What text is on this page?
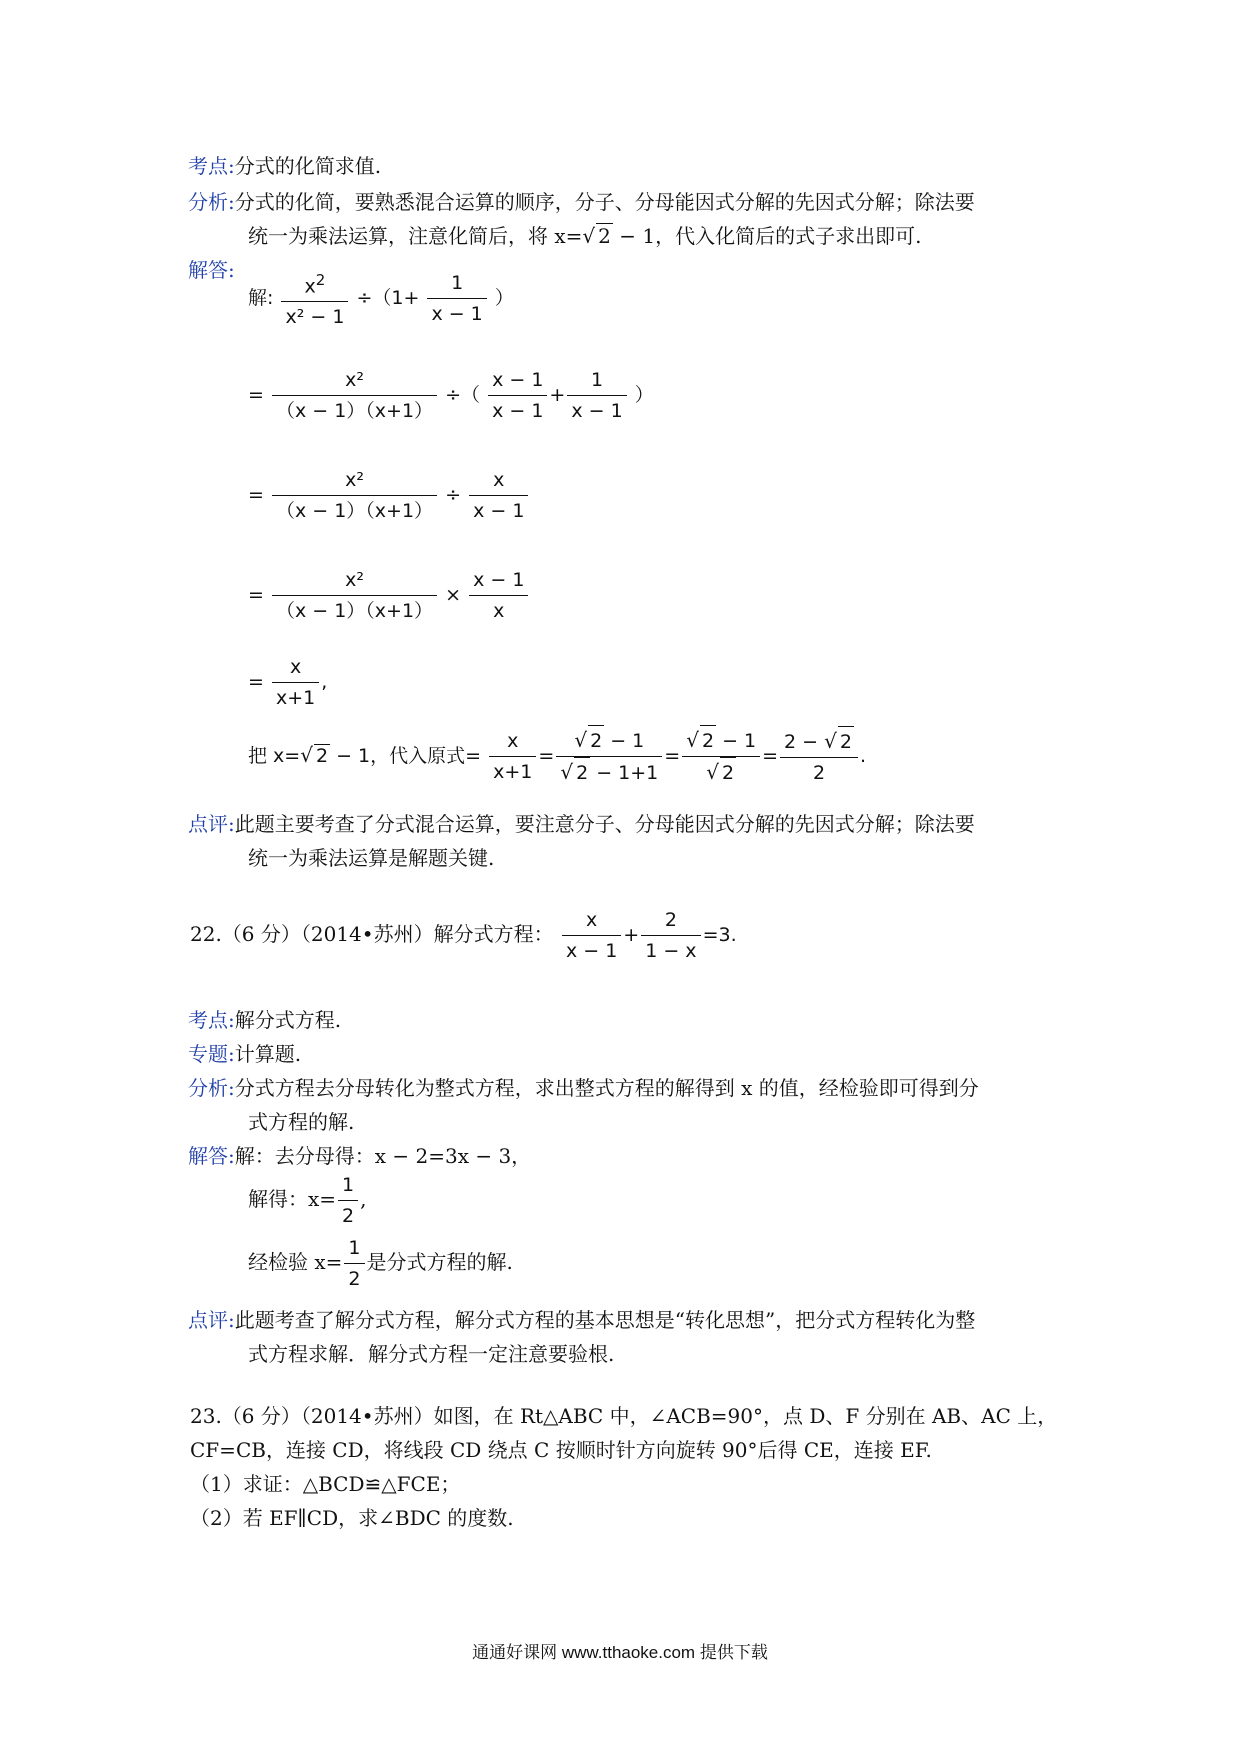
考点:分式的化简求值.
分析:分式的化简，要熟悉混合运算的顺序，分子、分母能因式分解的先因式分解；除法要
统一为乘法运算，注意化简后，将 x=√ 2 − 1，代入化简后的式子求出即可.
解答:
解: $\frac{x^2}{\text{x² − 1}} \div(1+ \frac{1}{x - 1}$ ）
= $\frac{\text{x²}}{(x - 1)(x+1)}$ ÷（ $\frac{x - 1}{x - 1} + \frac{1}{x - 1}$ ）
= $\frac{\text{x²}}{(x - 1)(x+1)} \div \frac{x}{x - 1}$
= $\frac{\text{x²}}{(x - 1)(x+1)} \times \frac{x - 1}{x}$
= $\frac{x}{x+1}$ ,
把 x=√ 2 − 1，代入原式= $\frac{x}{x+1} = \frac{√ 2 - 1}{√ 2 - 1+1} = \frac{√ 2 - 1}{√ 2} = \frac{2 - √ 2}{2}$ .
点评:此题主要考查了分式混合运算，要注意分子、分母能因式分解的先因式分解；除法要
统一为乘法运算是解题关键.
22.（6 分）（2014•苏州）解分式方程： $\frac{x}{x - 1} + \frac{2}{1 - x} =3$.
考点:解分式方程.
专题:计算题.
分析:分式方程去分母转化为整式方程，求出整式方程的解得到 x 的值，经检验即可得到分
式方程的解.
解答:解：去分母得：x − 2=3x − 3，
解得：$x= \frac{1}{2}$ ,
经检验 $x= \frac{1}{2}$ 是分式方程的解.
点评:此题考查了解分式方程，解分式方程的基本思想是“转化思想”，把分式方程转化为整
式方程求解．解分式方程一定注意要验根.
23.（6 分）（2014•苏州）如图，在 Rt△ABC 中，∠ACB=90°，点 D、F 分别在 AB、AC 上，
CF=CB，连接 CD，将线段 CD 绕点 C 按顺时针方向旋转 90°后得 CE，连接 EF.
（1）求证：△BCD≌△FCE；
（2）若 EF∥CD，求∠BDC 的度数.
通通好课网 www.tthaoke.com 提供下载
